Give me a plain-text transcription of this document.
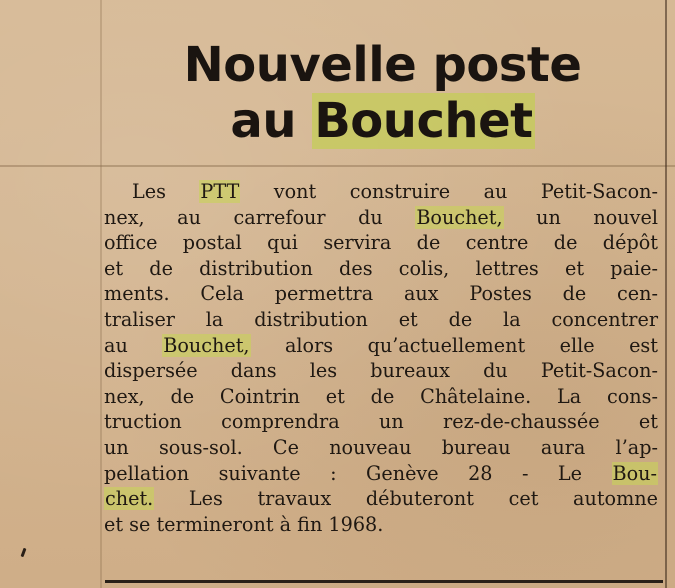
Nouvelle poste
au Bouchet
Les PTT vont construire au Petit-Sacon-
nex, au carrefour du Bouchet, un nouvel
office postal qui servira de centre de dépôt
et de distribution des colis, lettres et paie-
ments. Cela permettra aux Postes de cen-
traliser la distribution et de la concentrer
au Bouchet, alors qu’actuellement elle est
dispersée dans les bureaux du Petit-Sacon-
nex, de Cointrin et de Châtelaine. La cons-
truction comprendra un rez-de-chaussée et
un sous-sol. Ce nouveau bureau aura l’ap-
pellation suivante : Genève 28 - Le Bou-
chet. Les travaux débuteront cet automne
et se termineront à fin 1968.
